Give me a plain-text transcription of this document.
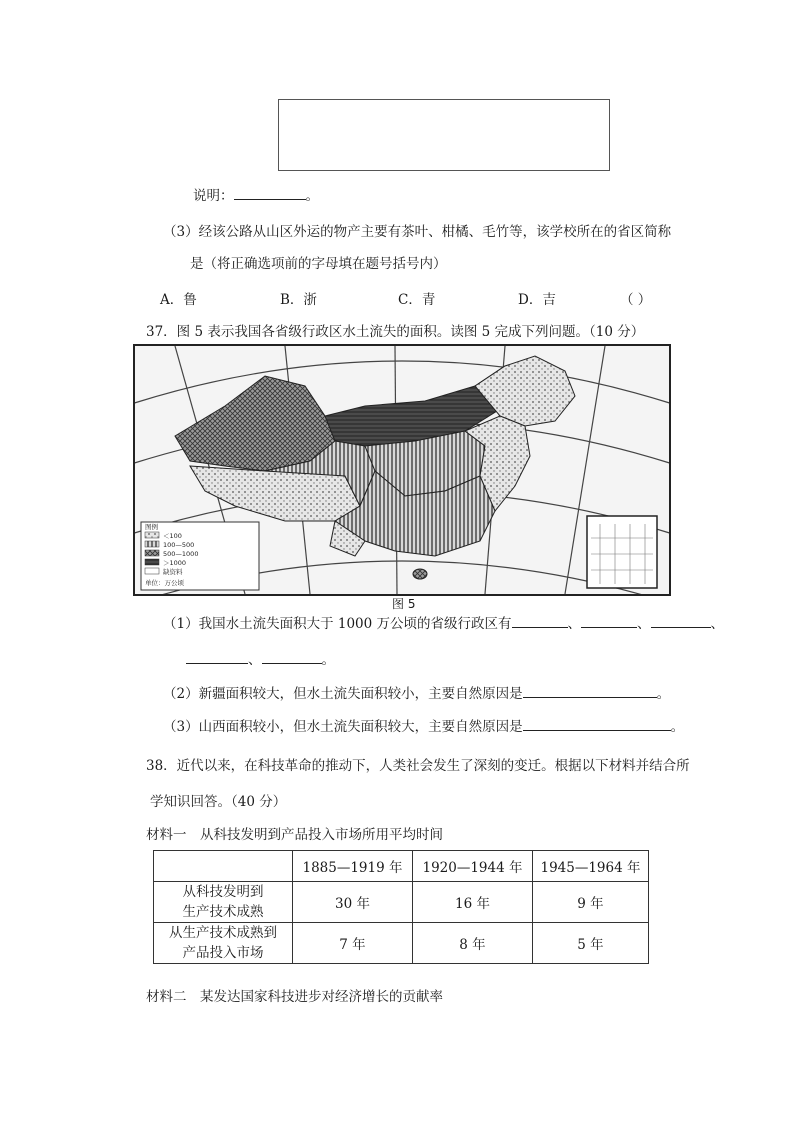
说明：	。
（3）经该公路从山区外运的物产主要有茶叶、柑橘、毛竹等，该学校所在的省区简称
是（将正确选项前的字母填在题号括号内）
A．鲁	B．浙	C．青	D．吉	（ ）
37．图 5 表示我国各省级行政区水土流失的面积。读图 5 完成下列问题。（10 分）
图例
＜100
100—500
500—1000
＞1000
缺资料
单位：万公顷
图 5
（1）我国水土流失面积大于 1000 万公顷的省级行政区有	、	、	、
、	。
（2）新疆面积较大，但水土流失面积较小，主要自然原因是	。
（3）山西面积较小，但水土流失面积较大，主要自然原因是	。
38．近代以来，在科技革命的推动下，人类社会发生了深刻的变迁。根据以下材料并结合所
学知识回答。（40 分）
材料一　从科技发明到产品投入市场所用平均时间
	1885—1919 年	1920—1944 年	1945—1964 年

从科技发明到
生产技术成熟	30 年	16 年	9 年

从生产技术成熟到
产品投入市场	7 年	8 年	5 年
材料二　某发达国家科技进步对经济增长的贡献率
